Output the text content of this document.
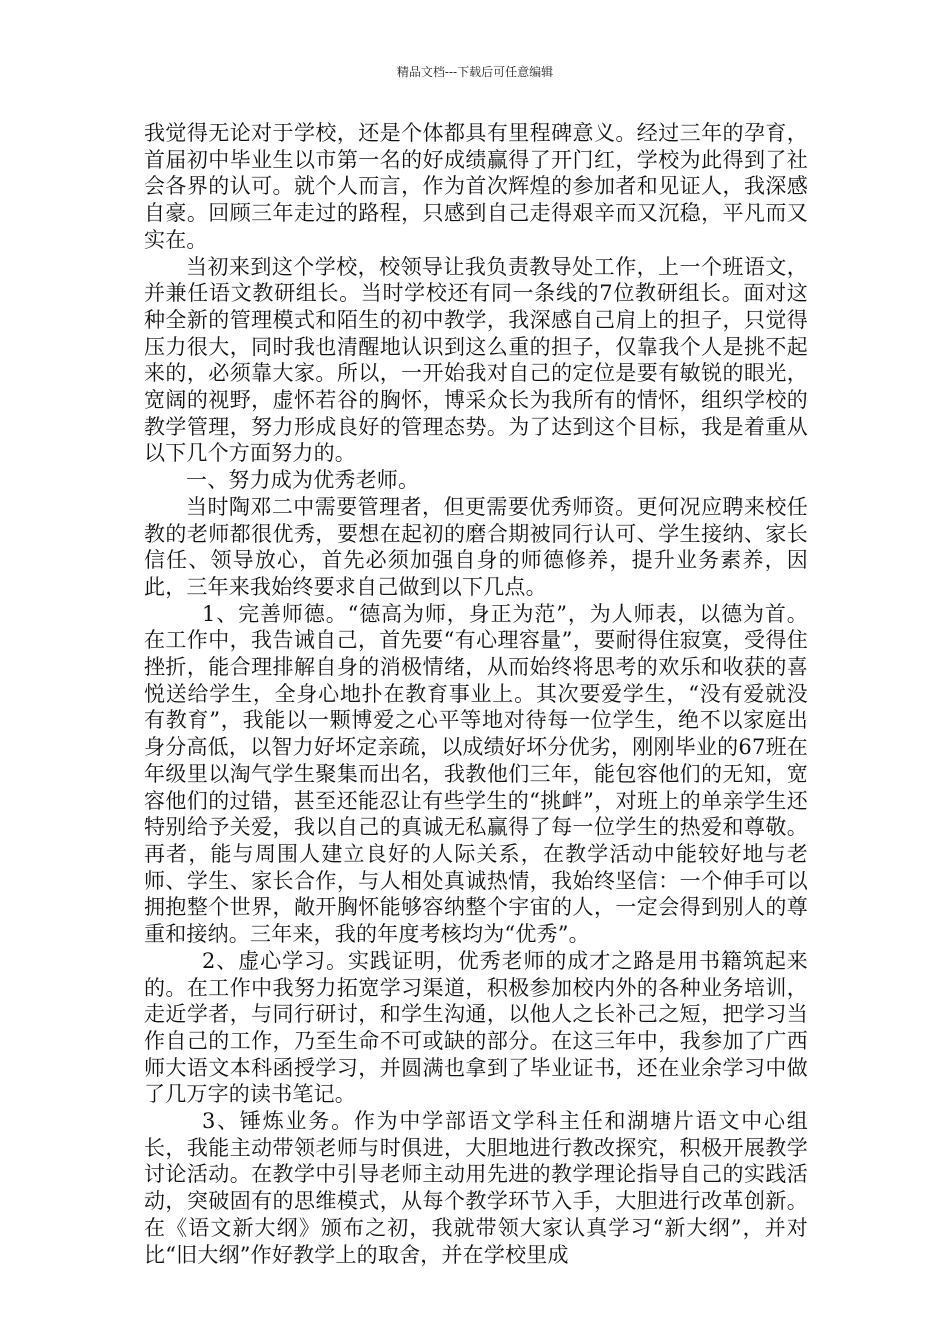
精品文档---下载后可任意编辑

我觉得无论对于学校，还是个体都具有里程碑意义。经过三年的孕育，首届初中毕业生以市第一名的好成绩赢得了开门红，学校为此得到了社会各界的认可。就个人而言，作为首次辉煌的参加者和见证人，我深感自豪。回顾三年走过的路程，只感到自己走得艰辛而又沉稳，平凡而又实在。

当初来到这个学校，校领导让我负责教导处工作，上一个班语文，并兼任语文教研组长。当时学校还有同一条线的7位教研组长。面对这种全新的管理模式和陌生的初中教学，我深感自己肩上的担子，只觉得压力很大，同时我也清醒地认识到这么重的担子，仅靠我个人是挑不起来的，必须靠大家。所以，一开始我对自己的定位是要有敏锐的眼光，宽阔的视野，虚怀若谷的胸怀，博采众长为我所有的情怀，组织学校的教学管理，努力形成良好的管理态势。为了达到这个目标，我是着重从以下几个方面努力的。

一、努力成为优秀老师。

当时陶邓二中需要管理者，但更需要优秀师资。更何况应聘来校任教的老师都很优秀，要想在起初的磨合期被同行认可、学生接纳、家长信任、领导放心，首先必须加强自身的师德修养，提升业务素养，因此，三年来我始终要求自己做到以下几点。

1、完善师德。“德高为师，身正为范”，为人师表，以德为首。在工作中，我告诫自己，首先要“有心理容量”，要耐得住寂寞，受得住挫折，能合理排解自身的消极情绪，从而始终将思考的欢乐和收获的喜悦送给学生，全身心地扑在教育事业上。其次要爱学生，“没有爱就没有教育”，我能以一颗博爱之心平等地对待每一位学生，绝不以家庭出身分高低，以智力好坏定亲疏，以成绩好坏分优劣，刚刚毕业的67班在年级里以淘气学生聚集而出名，我教他们三年，能包容他们的无知，宽容他们的过错，甚至还能忍让有些学生的“挑衅”，对班上的单亲学生还特别给予关爱，我以自己的真诚无私赢得了每一位学生的热爱和尊敬。再者，能与周围人建立良好的人际关系，在教学活动中能较好地与老师、学生、家长合作，与人相处真诚热情，我始终坚信：一个伸手可以拥抱整个世界，敞开胸怀能够容纳整个宇宙的人，一定会得到别人的尊重和接纳。三年来，我的年度考核均为“优秀”。

2、虚心学习。实践证明，优秀老师的成才之路是用书籍筑起来的。在工作中我努力拓宽学习渠道，积极参加校内外的各种业务培训，走近学者，与同行研讨，和学生沟通，以他人之长补己之短，把学习当作自己的工作，乃至生命不可或缺的部分。在这三年中，我参加了广西师大语文本科函授学习，并圆满也拿到了毕业证书，还在业余学习中做了几万字的读书笔记。

3、锤炼业务。作为中学部语文学科主任和湖塘片语文中心组长，我能主动带领老师与时俱进，大胆地进行教改探究，积极开展教学讨论活动。在教学中引导老师主动用先进的教学理论指导自己的实践活动，突破固有的思维模式，从每个教学环节入手，大胆进行改革创新。在《语文新大纲》颁布之初，我就带领大家认真学习“新大纲”，并对比“旧大纲”作好教学上的取舍，并在学校里成
